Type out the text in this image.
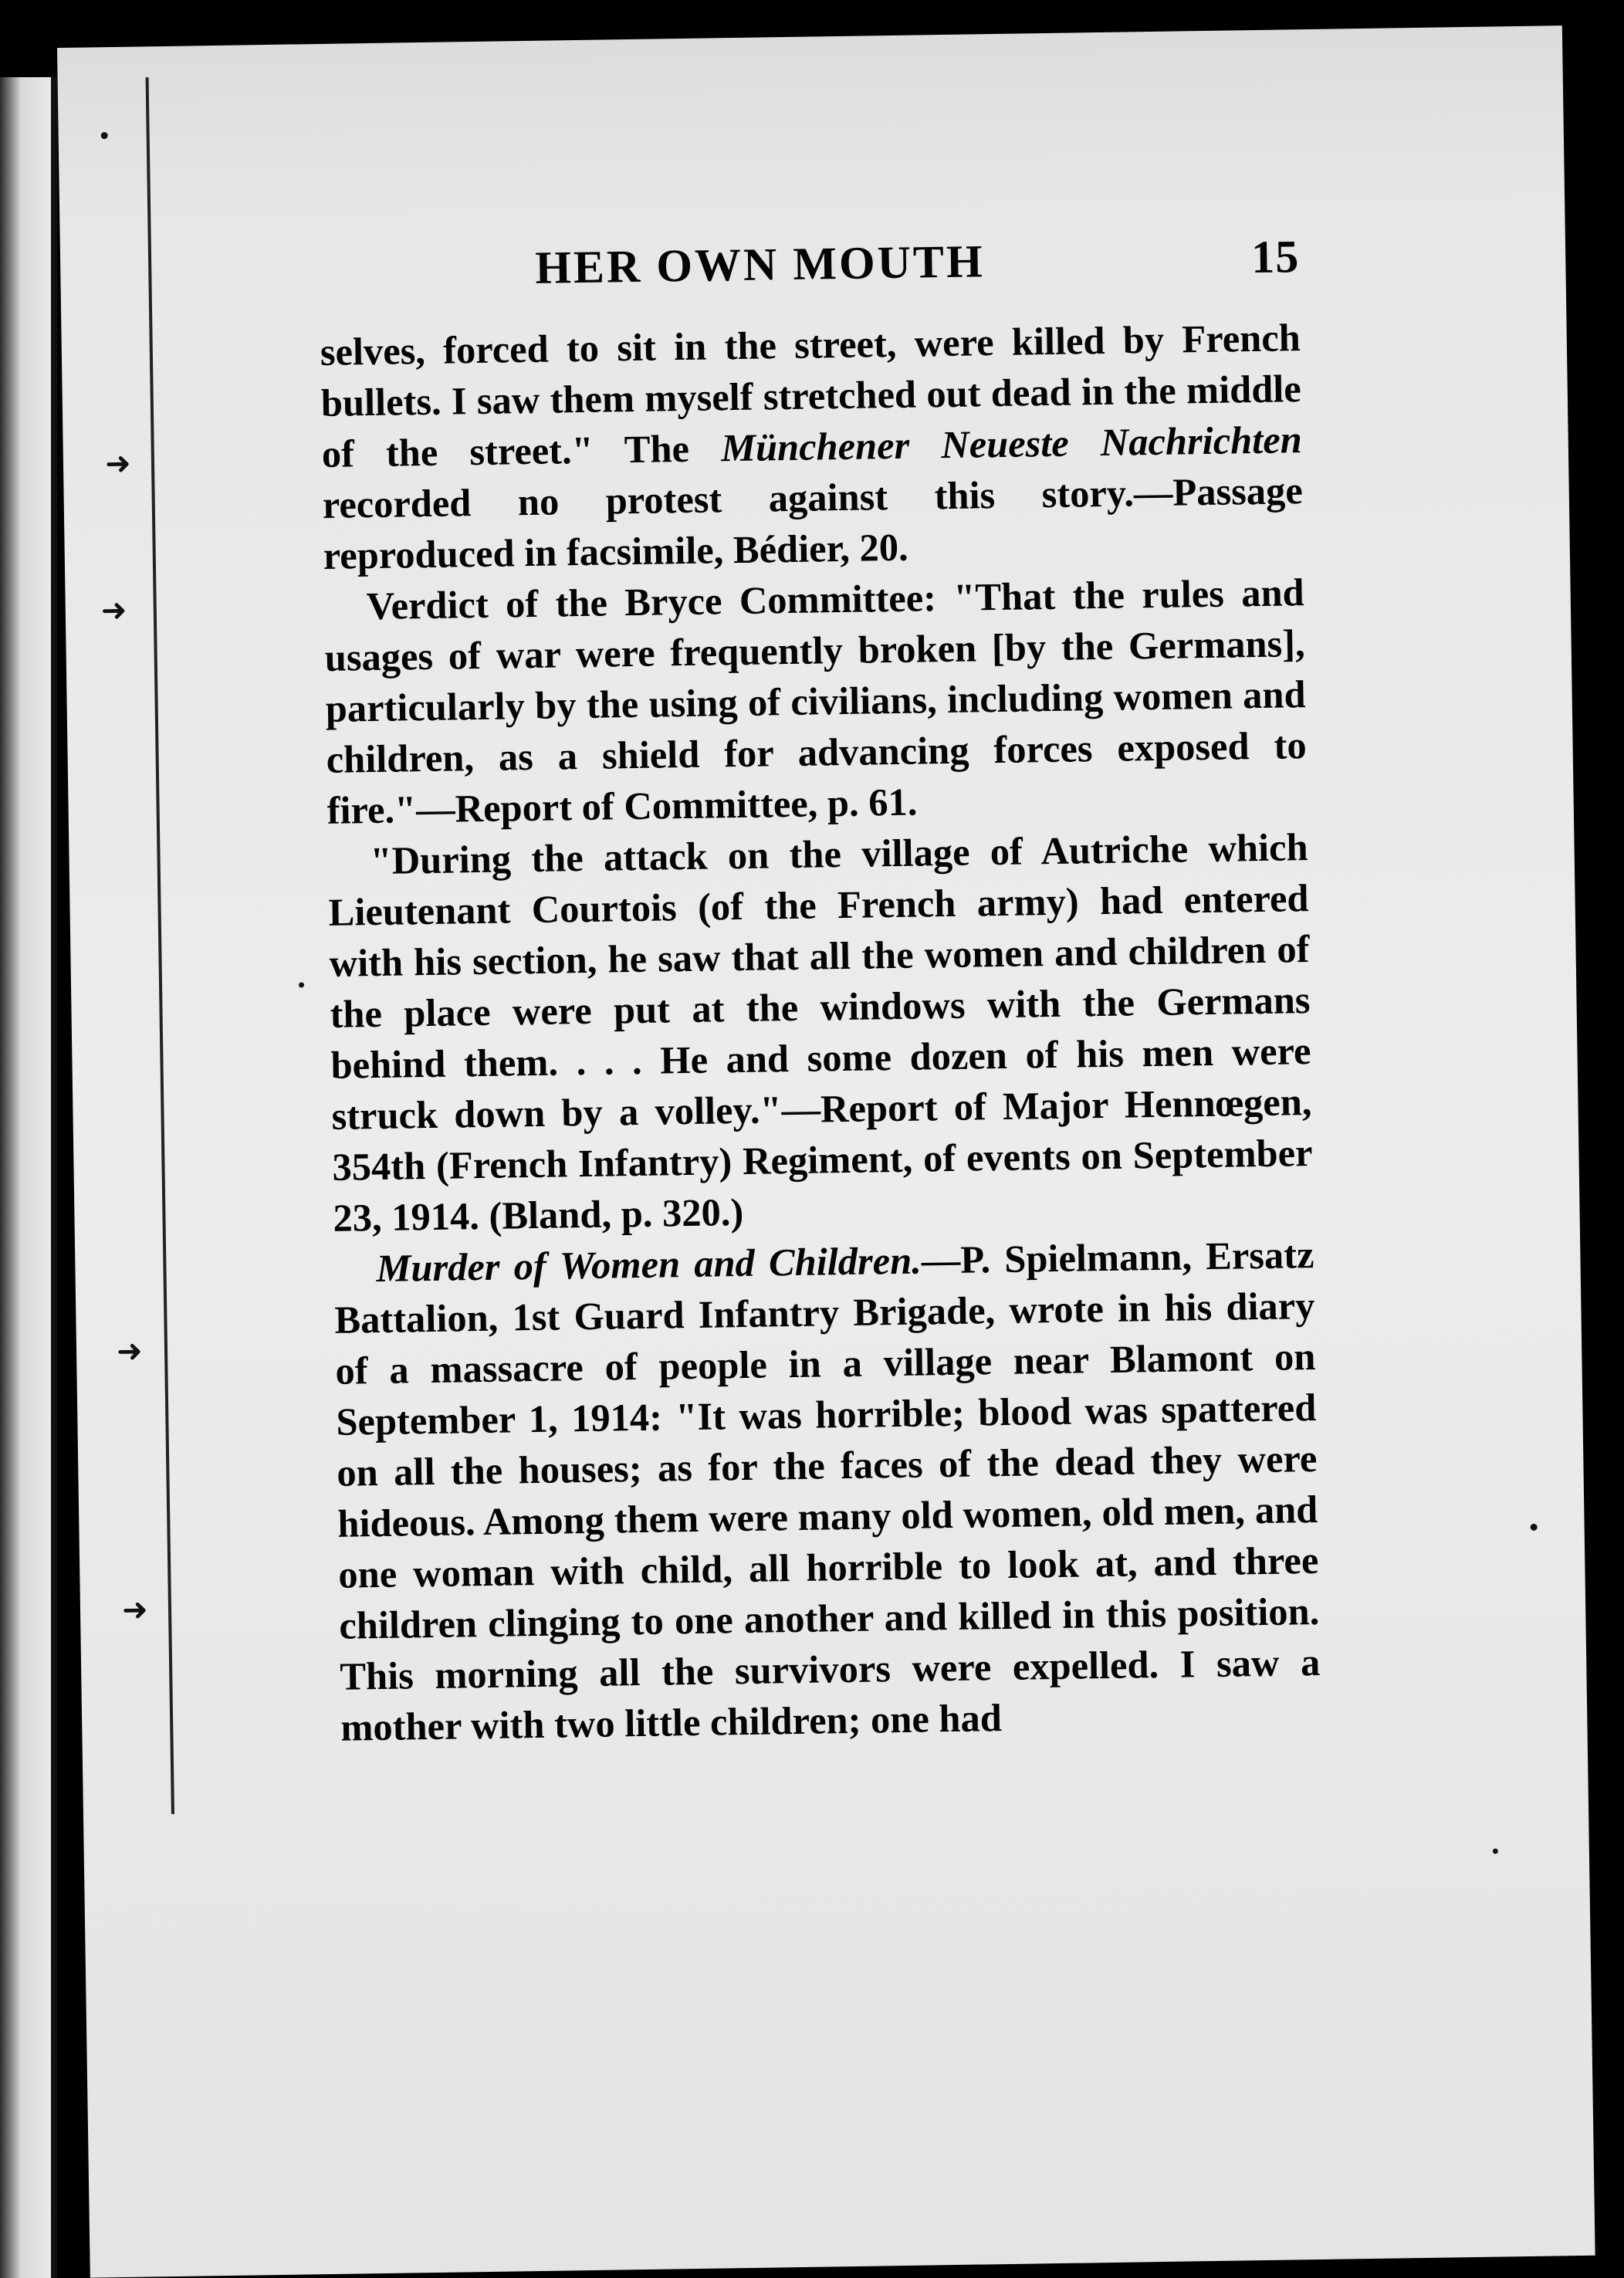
➜
➜
➜
➜
HER OWN MOUTH	15

selves, forced to sit in the street, were killed by French bullets. I saw them myself stretched out dead in the middle of the street." The Münchener Neueste Nachrichten recorded no protest against this story.—Passage reproduced in facsimile, Bédier, 20.

Verdict of the Bryce Committee: "That the rules and usages of war were frequently broken [by the Germans], particularly by the using of civilians, including women and children, as a shield for advancing forces exposed to fire."—Report of Committee, p. 61.

"During the attack on the village of Autriche which Lieutenant Courtois (of the French army) had entered with his section, he saw that all the women and children of the place were put at the windows with the Germans behind them. . . . He and some dozen of his men were struck down by a volley."—Report of Major Hennœgen, 354th (French Infantry) Regiment, of events on September 23, 1914. (Bland, p. 320.)

Murder of Women and Children.—P. Spielmann, Ersatz Battalion, 1st Guard Infantry Brigade, wrote in his diary of a massacre of people in a village near Blamont on September 1, 1914: "It was horrible; blood was spattered on all the houses; as for the faces of the dead they were hideous. Among them were many old women, old men, and one woman with child, all horrible to look at, and three children clinging to one another and killed in this position. This morning all the survivors were expelled. I saw a mother with two little children; one had
